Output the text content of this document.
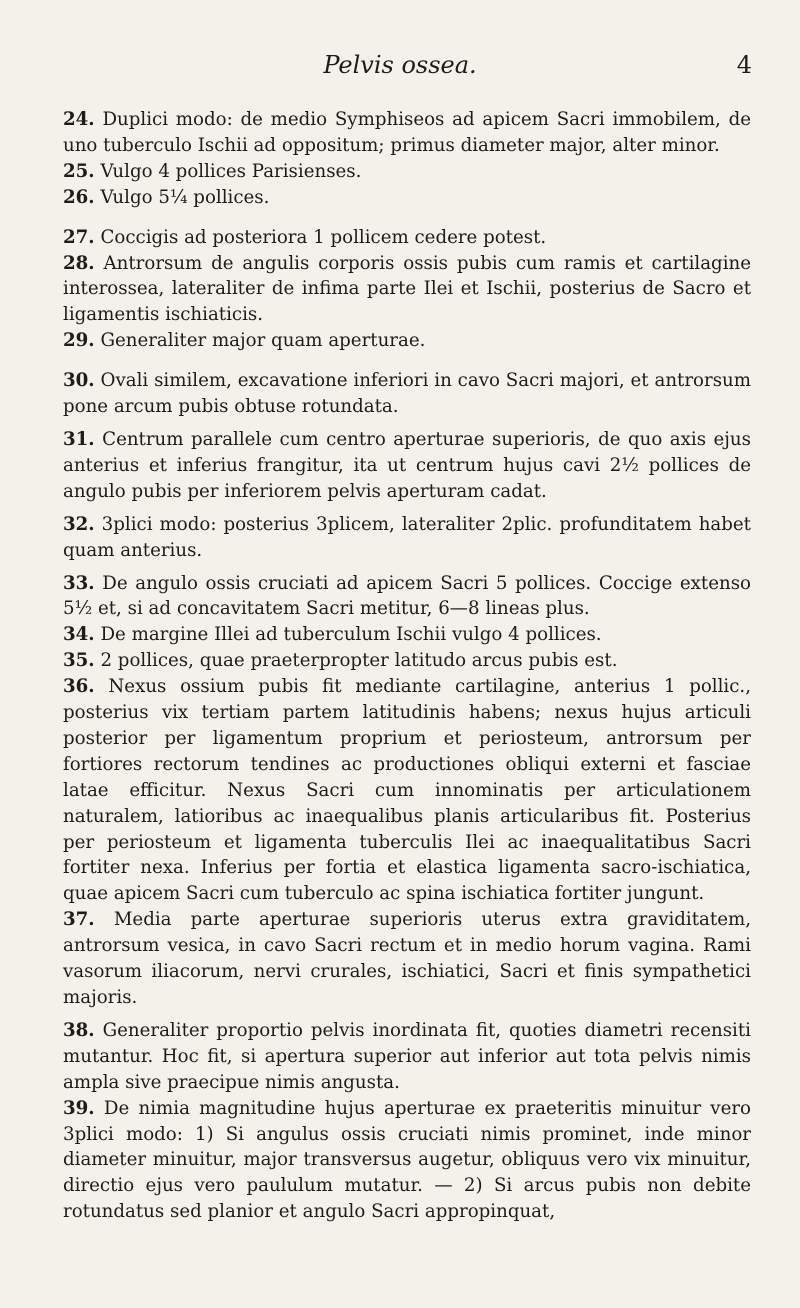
Pelvis ossea.	4

24. Duplici modo: de medio Symphiseos ad apicem Sacri immobilem, de uno tuberculo Ischii ad oppositum; primus diameter major, alter minor.

25. Vulgo 4 pollices Parisienses.

26. Vulgo 5¼ pollices.

27. Coccigis ad posteriora 1 pollicem cedere potest.

28. Antrorsum de angulis corporis ossis pubis cum ramis et cartilagine interossea, lateraliter de infima parte Ilei et Ischii, posterius de Sacro et ligamentis ischiaticis.

29. Generaliter major quam aperturae.

30. Ovali similem, excavatione inferiori in cavo Sacri majori, et antrorsum pone arcum pubis obtuse rotundata.

31. Centrum parallele cum centro aperturae superioris, de quo axis ejus anterius et inferius frangitur, ita ut centrum hujus cavi 2½ pollices de angulo pubis per inferiorem pelvis aperturam cadat.

32. 3plici modo: posterius 3plicem, lateraliter 2plic. profunditatem habet quam anterius.

33. De angulo ossis cruciati ad apicem Sacri 5 pollices. Coccige extenso 5½ et, si ad concavitatem Sacri metitur, 6—8 lineas plus.

34. De margine Illei ad tuberculum Ischii vulgo 4 pollices.

35. 2 pollices, quae praeterpropter latitudo arcus pubis est.

36. Nexus ossium pubis fit mediante cartilagine, anterius 1 pollic., posterius vix tertiam partem latitudinis habens; nexus hujus articuli posterior per ligamentum proprium et periosteum, antrorsum per fortiores rectorum tendines ac productiones obliqui externi et fasciae latae efficitur. Nexus Sacri cum innominatis per articulationem naturalem, latioribus ac inaequalibus planis articularibus fit. Posterius per periosteum et ligamenta tuberculis Ilei ac inaequalitatibus Sacri fortiter nexa. Inferius per fortia et elastica ligamenta sacro-ischiatica, quae apicem Sacri cum tuberculo ac spina ischiatica fortiter jungunt.

37. Media parte aperturae superioris uterus extra graviditatem, antrorsum vesica, in cavo Sacri rectum et in medio horum vagina. Rami vasorum iliacorum, nervi crurales, ischiatici, Sacri et finis sympathetici majoris.

38. Generaliter proportio pelvis inordinata fit, quoties diametri recensiti mutantur. Hoc fit, si apertura superior aut inferior aut tota pelvis nimis ampla sive praecipue nimis angusta.

39. De nimia magnitudine hujus aperturae ex praeteritis minuitur vero 3plici modo: 1) Si angulus ossis cruciati nimis prominet, inde minor diameter minuitur, major transversus augetur, obliquus vero vix minuitur, directio ejus vero paululum mutatur. — 2) Si arcus pubis non debite rotundatus sed planior et angulo Sacri appropinquat,
